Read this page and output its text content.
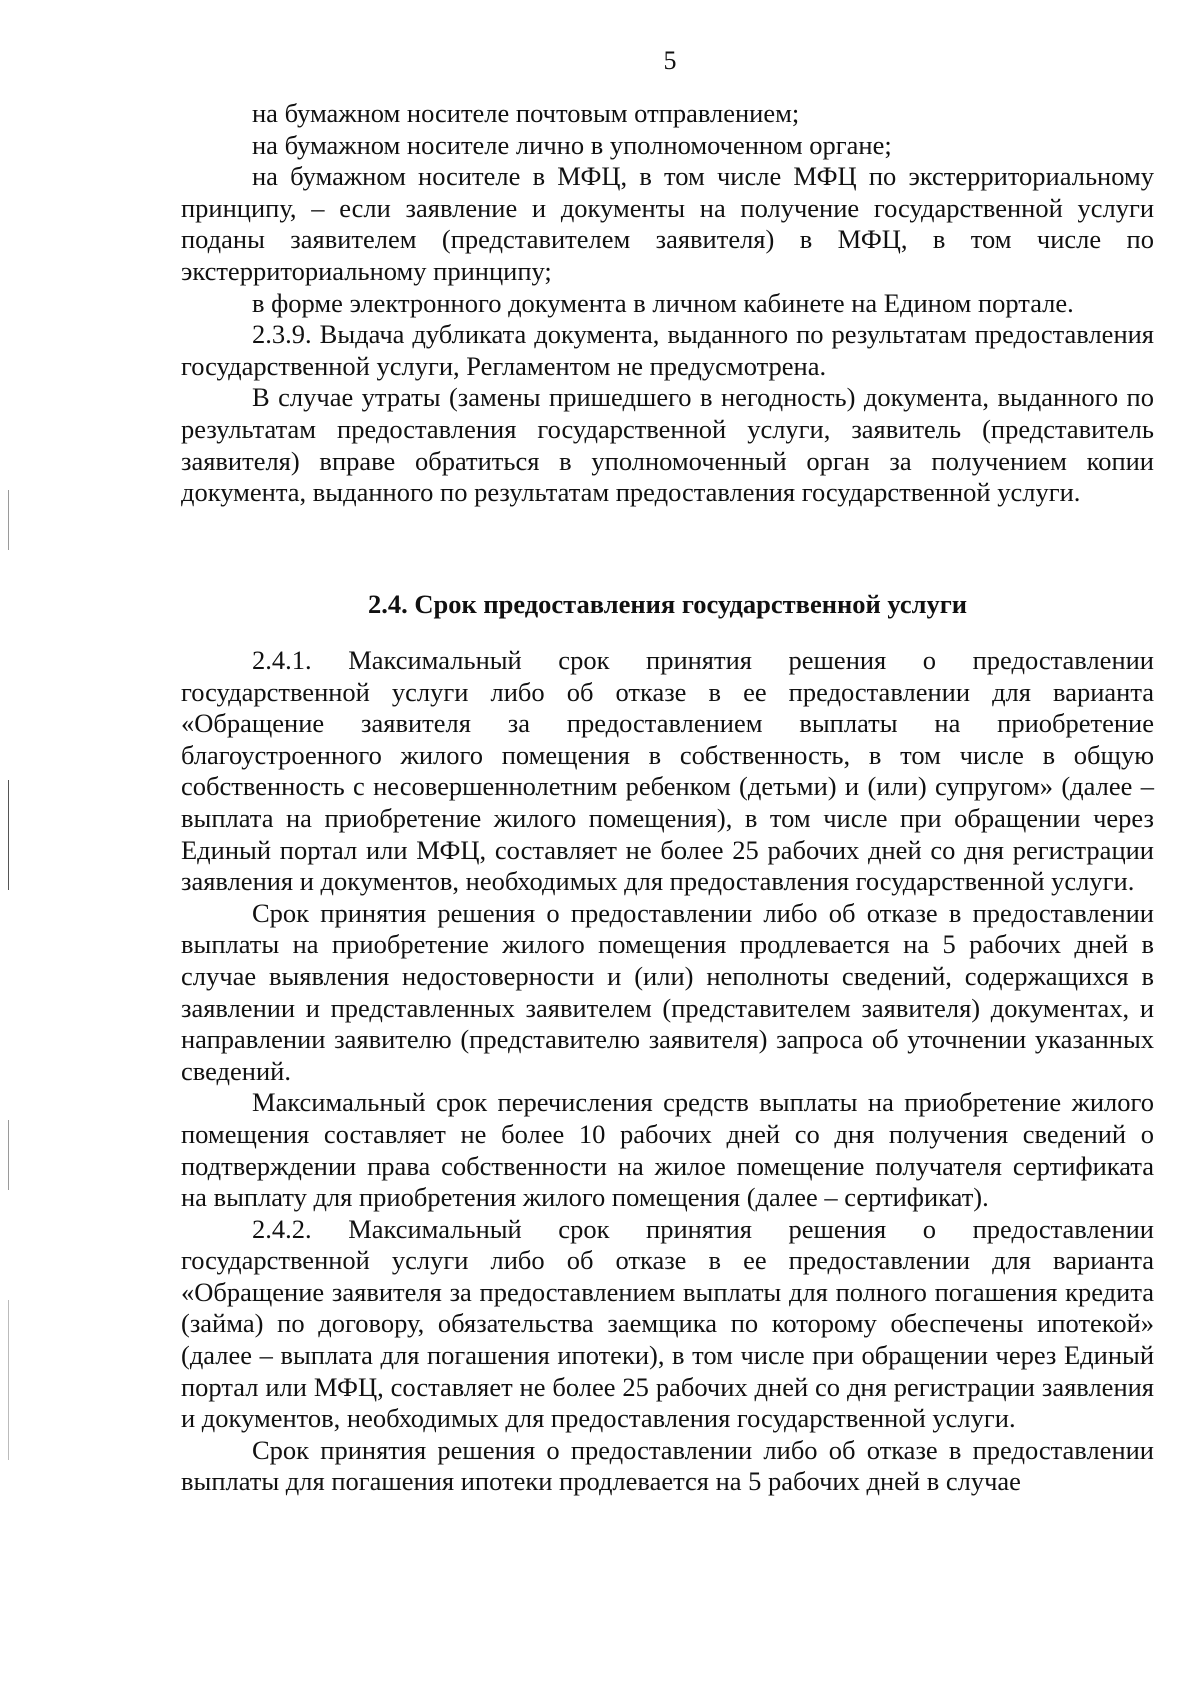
5

на бумажном носителе почтовым отправлением;

на бумажном носителе лично в уполномоченном органе;

на бумажном носителе в МФЦ, в том числе МФЦ по экстерриториальному принципу, – если заявление и документы на получение государственной услуги поданы заявителем (представителем заявителя) в МФЦ, в том числе по экстерриториальному принципу;

в форме электронного документа в личном кабинете на Едином портале.

2.3.9. Выдача дубликата документа, выданного по результатам предоставления государственной услуги, Регламентом не предусмотрена.

В случае утраты (замены пришедшего в негодность) документа, выданного по результатам предоставления государственной услуги, заявитель (представитель заявителя) вправе обратиться в уполномоченный орган за получением копии документа, выданного по результатам предоставления государственной услуги.

2.4. Срок предоставления государственной услуги

2.4.1. Максимальный срок принятия решения о предоставлении государственной услуги либо об отказе в ее предоставлении для варианта «Обращение заявителя за предоставлением выплаты на приобретение благоустроенного жилого помещения в собственность, в том числе в общую собственность с несовершеннолетним ребенком (детьми) и (или) супругом» (далее – выплата на приобретение жилого помещения), в том числе при обращении через Единый портал или МФЦ, составляет не более 25 рабочих дней со дня регистрации заявления и документов, необходимых для предоставления государственной услуги.

Срок принятия решения о предоставлении либо об отказе в предоставлении выплаты на приобретение жилого помещения продлевается на 5 рабочих дней в случае выявления недостоверности и (или) неполноты сведений, содержащихся в заявлении и представленных заявителем (представителем заявителя) документах, и направлении заявителю (представителю заявителя) запроса об уточнении указанных сведений.

Максимальный срок перечисления средств выплаты на приобретение жилого помещения составляет не более 10 рабочих дней со дня получения сведений о подтверждении права собственности на жилое помещение получателя сертификата на выплату для приобретения жилого помещения (далее – сертификат).

2.4.2. Максимальный срок принятия решения о предоставлении государственной услуги либо об отказе в ее предоставлении для варианта «Обращение заявителя за предоставлением выплаты для полного погашения кредита (займа) по договору, обязательства заемщика по которому обеспечены ипотекой» (далее – выплата для погашения ипотеки), в том числе при обращении через Единый портал или МФЦ, составляет не более 25 рабочих дней со дня регистрации заявления и документов, необходимых для предоставления государственной услуги.

Срок принятия решения о предоставлении либо об отказе в предоставлении выплаты для погашения ипотеки продлевается на 5 рабочих дней в случае
